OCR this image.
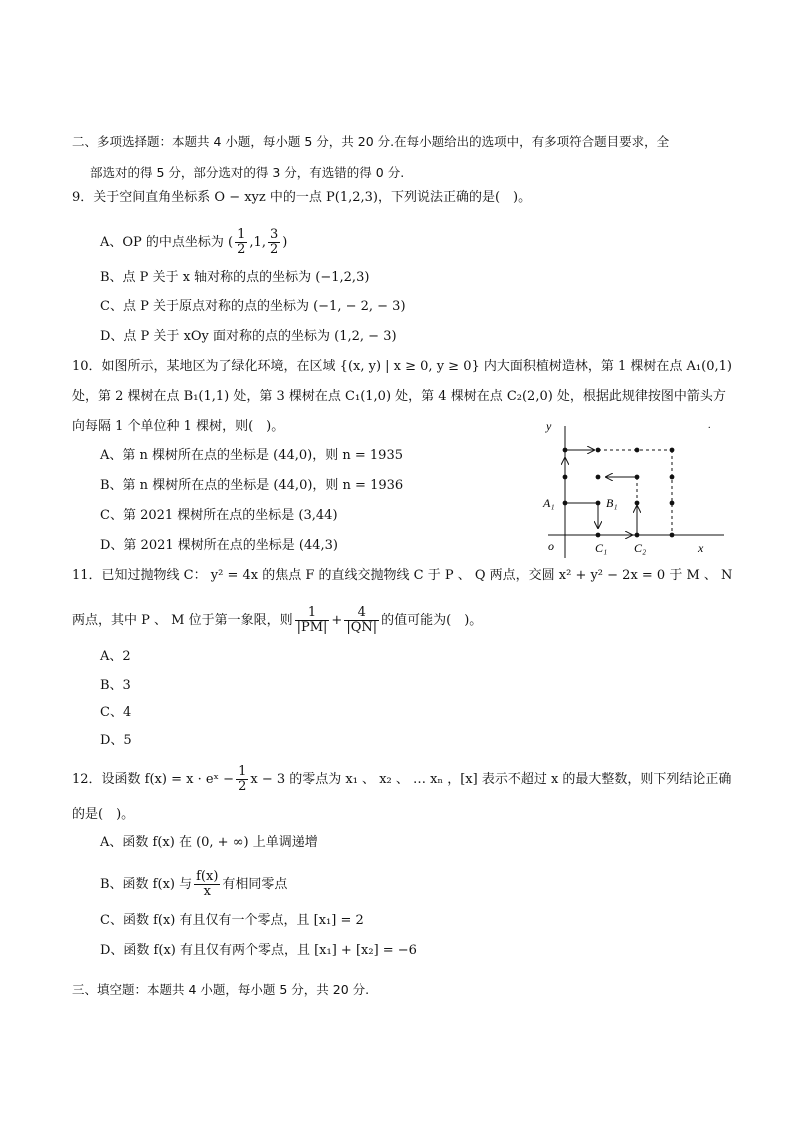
二、多项选择题：本题共 4 小题，每小题 5 分，共 20 分.在每小题给出的选项中，有多项符合题目要求，全
部选对的得 5 分，部分选对的得 3 分，有选错的得 0 分.
9．关于空间直角坐标系 O − xyz 中的一点 P(1,2,3)，下列说法正确的是(　)。
A、OP 的中点坐标为 ( $\frac{1}{2} ,1$, $\frac{3}{2}$ )
B、点 P 关于 x 轴对称的点的坐标为 (−1,2,3)
C、点 P 关于原点对称的点的坐标为 (−1, − 2, − 3)
D、点 P 关于 xOy 面对称的点的坐标为 (1,2, − 3)
10．如图所示，某地区为了绿化环境，在区域 {(x, y) | x ≥ 0, y ≥ 0} 内大面积植树造林，第 1 棵树在点 A₁(0,1)
处，第 2 棵树在点 B₁(1,1) 处，第 3 棵树在点 C₁(1,0) 处，第 4 棵树在点 C₂(2,0) 处，根据此规律按图中箭头方
向每隔 1 个单位种 1 棵树，则(　)。
A、第 n 棵树所在点的坐标是 (44,0)，则 n = 1935
B、第 n 棵树所在点的坐标是 (44,0)，则 n = 1936
C、第 2021 棵树所在点的坐标是 (3,44)
D、第 2021 棵树所在点的坐标是 (44,3)
y
x
o
A₁	B₁
C₁ C₂
.
11．已知过抛物线 C： y² = 4x 的焦点 F 的直线交抛物线 C 于 P 、 Q 两点，交圆 x² + y² − 2x = 0 于 M 、 N
两点，其中 P 、 M 位于第一象限，则 $\frac{1}{|PM|} + \frac{4}{|QN|}$ 的值可能为(　)。
A、2
B、3
C、4
D、5
12．设函数 f(x) = x · eˣ − $\frac{1}{2}$ x − 3 的零点为 x₁ 、 x₂ 、 … xₙ ，[x] 表示不超过 x 的最大整数，则下列结论正确
的是(　)。
A、函数 f(x) 在 (0, + ∞) 上单调递增
B、函数 f(x) 与 $\frac{f(x)}{x}$ 有相同零点
C、函数 f(x) 有且仅有一个零点，且 [x₁] = 2
D、函数 f(x) 有且仅有两个零点，且 [x₁] + [x₂] = −6
三、填空题：本题共 4 小题，每小题 5 分，共 20 分.
